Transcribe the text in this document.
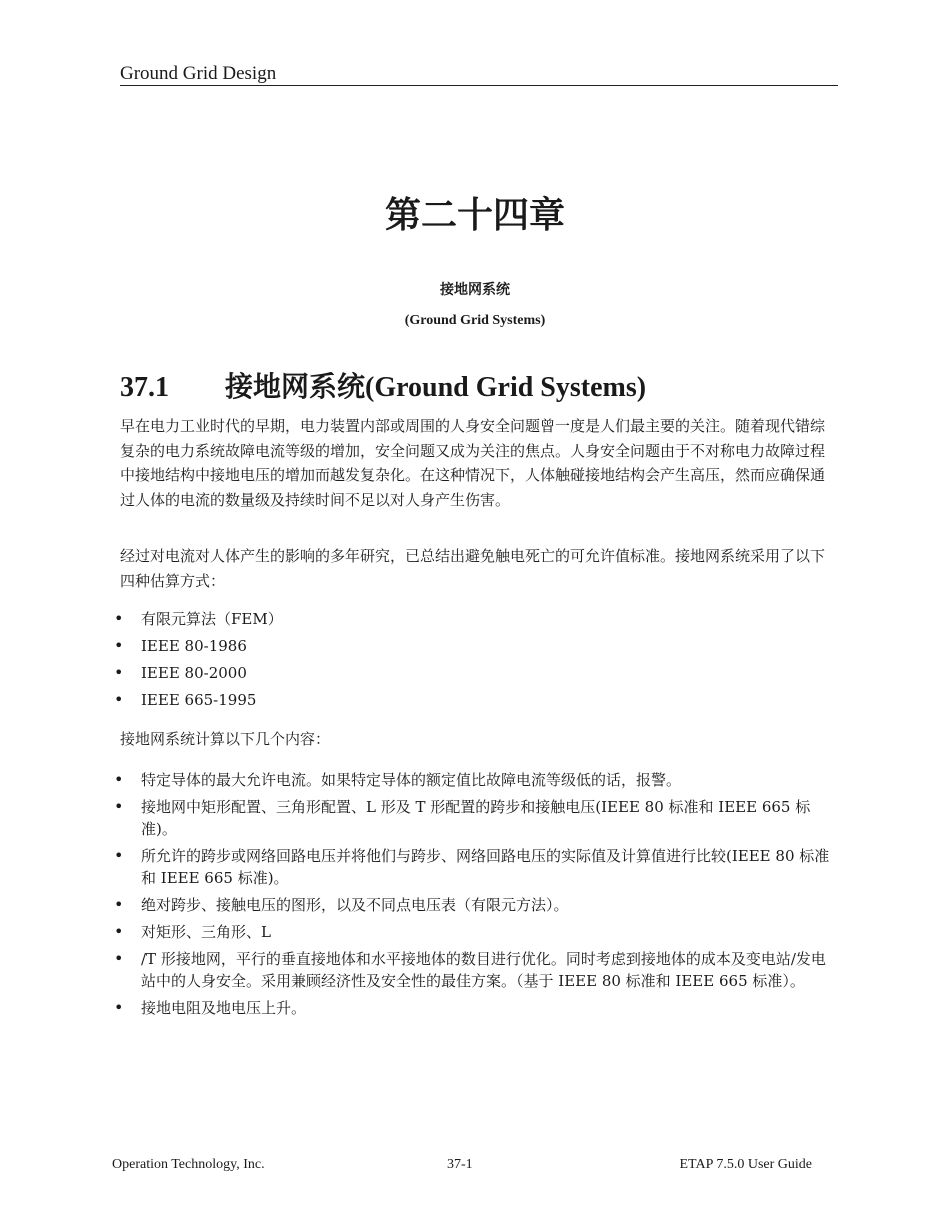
Ground Grid Design
第二十四章
接地网系统
(Ground Grid Systems)
37.1 接地网系统(Ground Grid Systems)

早在电力工业时代的早期，电力装置内部或周围的人身安全问题曾一度是人们最主要的关注。随着现代错综复杂的电力系统故障电流等级的增加，安全问题又成为关注的焦点。人身安全问题由于不对称电力故障过程中接地结构中接地电压的增加而越发复杂化。在这种情况下，人体触碰接地结构会产生高压，然而应确保通过人体的电流的数量级及持续时间不足以对人身产生伤害。

经过对电流对人体产生的影响的多年研究，已总结出避免触电死亡的可允许值标准。接地网系统采用了以下四种估算方式：

• 有限元算法（FEM）
• IEEE 80-1986
• IEEE 80-2000
• IEEE 665-1995

接地网系统计算以下几个内容：

• 特定导体的最大允许电流。如果特定导体的额定值比故障电流等级低的话，报警。
• 接地网中矩形配置、三角形配置、L 形及 T 形配置的跨步和接触电压(IEEE 80 标准和 IEEE 665 标准)。
• 所允许的跨步或网络回路电压并将他们与跨步、网络回路电压的实际值及计算值进行比较(IEEE 80 标准和 IEEE 665 标准)。
• 绝对跨步、接触电压的图形，以及不同点电压表（有限元方法）。
• 对矩形、三角形、L
• /T 形接地网，平行的垂直接地体和水平接地体的数目进行优化。同时考虑到接地体的成本及变电站/发电站中的人身安全。采用兼顾经济性及安全性的最佳方案。（基于 IEEE 80 标准和 IEEE 665 标准）。
• 接地电阻及地电压上升。
Operation Technology, Inc.	37-1	ETAP 7.5.0 User Guide
